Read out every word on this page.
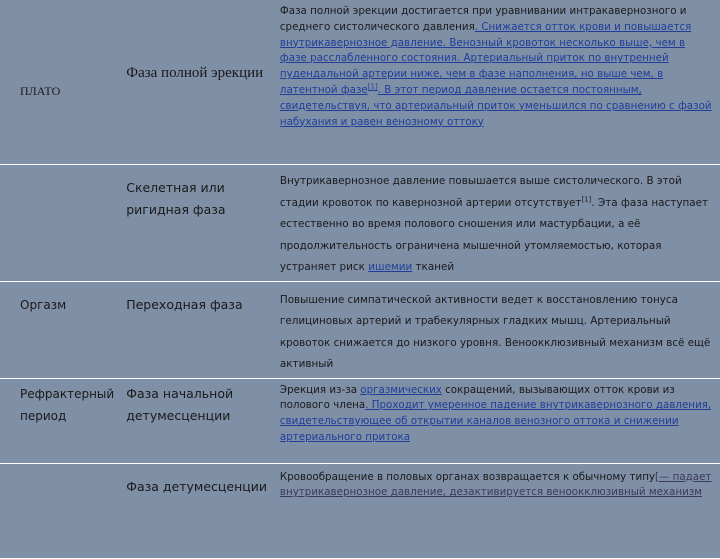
ПЛАТО	Фаза полной эрекции	Фаза полной эрекции достигается при уравнивании интракавернозного и среднего систолического давления. Снижается отток крови и повышается внутрикавернозное давление. Венозный кровоток несколько выше, чем в фазе расслабленного состояния. Артериальный приток по внутренней пудендальной артерии ниже, чем в фазе наполнения, но выше чем, в латентной фазе[1]. В этот период давление остается постоянным, свидетельствуя, что артериальный приток уменьшился по сравнению с фазой набухания и равен венозному оттоку

	Скелетная или ригидная фаза	Внутрикавернозное давление повышается выше систолического. В этой стадии кровоток по кавернозной артерии отсутствует[1]. Эта фаза наступает естественно во время полового сношения или мастурбации, а её продолжительность ограничена мышечной утомляемостью, которая устраняет риск ишемии тканей

Оргазм	Переходная фаза	Повышение симпатической активности ведет к восстановлению тонуса гелициновых артерий и трабекулярных гладких мышц. Артериальный кровоток снижается до низкого уровня. Веноокклюзивный механизм всё ещё активный

Рефрактерный период	Фаза начальной детумесценции	Эрекция из-за оргазмических сокращений, вызывающих отток крови из полового члена. Проходит умеренное падение внутрикавернозного давления, свидетельствующее об открытии каналов венозного оттока и снижении артериального притока

	Фаза детумесценции	Кровообращение в половых органах возвращается к обычному типу[— падает внутрикавернозное давление, дезактивируется веноокклюзивный механизм
